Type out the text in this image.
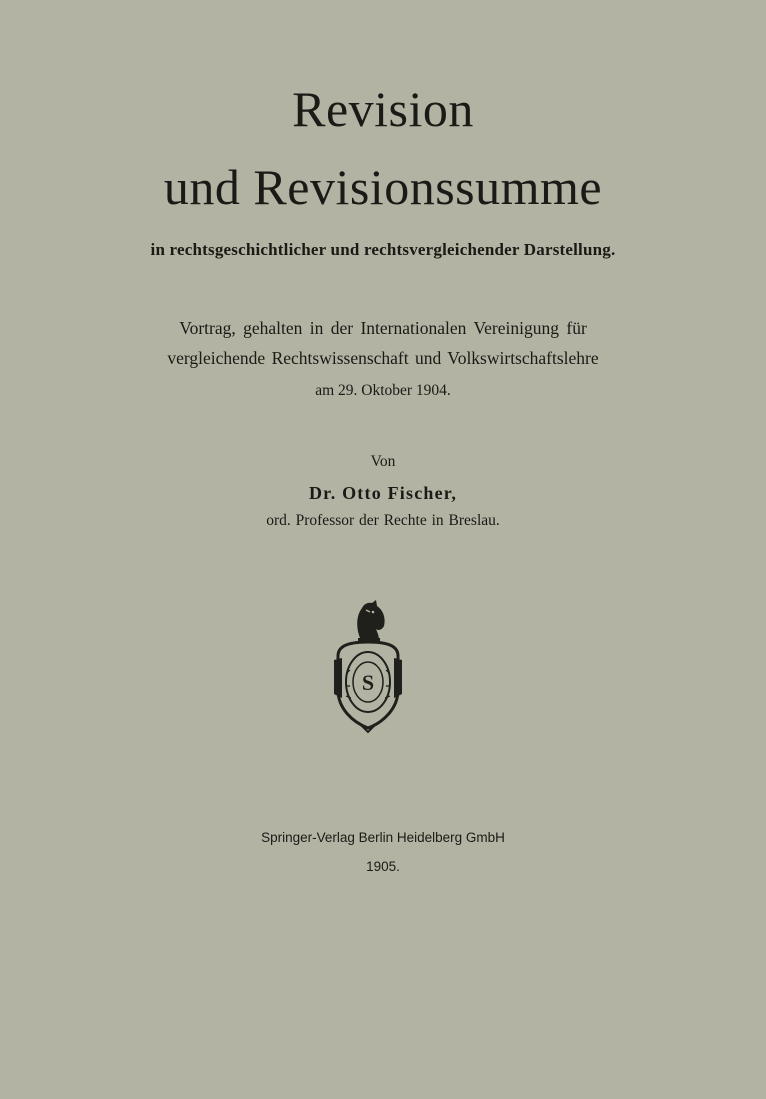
Revision
und Revisionssumme
in rechtsgeschichtlicher und rechtsvergleichender Darstellung.
Vortrag, gehalten in der Internationalen Vereinigung für
vergleichende Rechtswissenschaft und Volkswirtschaftslehre
am 29. Oktober 1904.
Von
Dr. Otto Fischer,
ord. Professor der Rechte in Breslau.
S
Springer-Verlag Berlin Heidelberg GmbH
1905.
